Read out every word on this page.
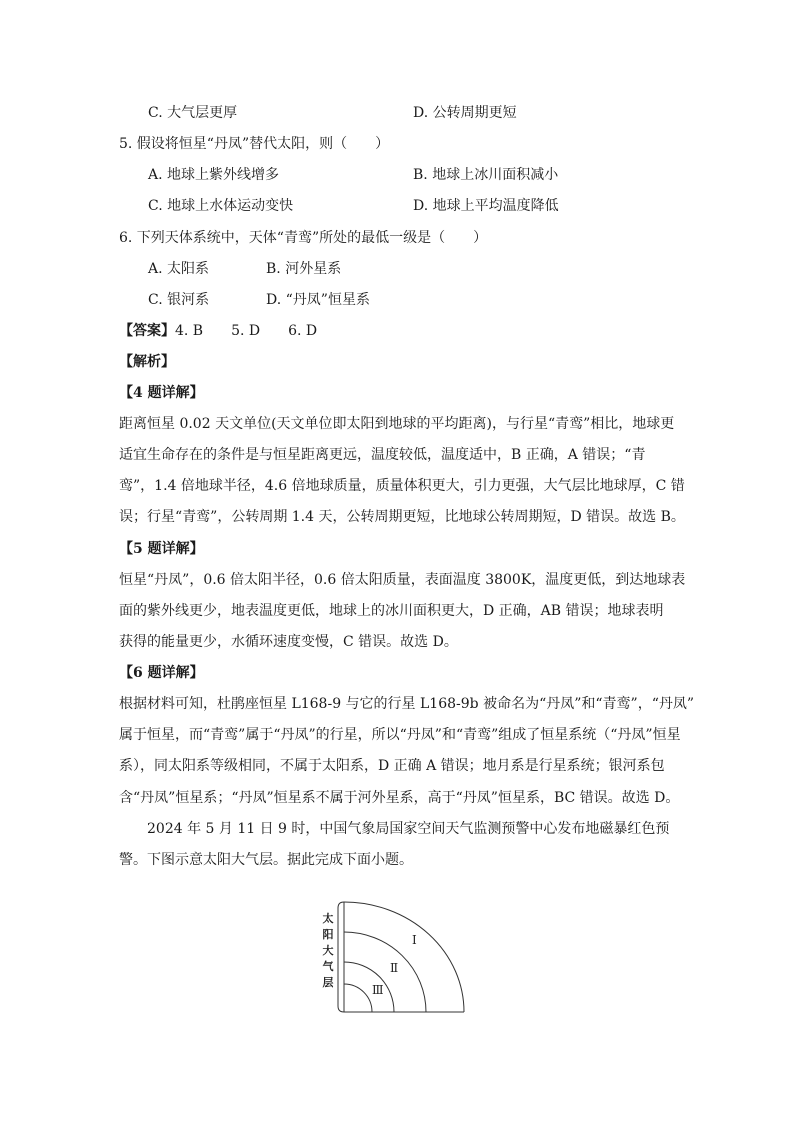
C. 大气层更厚	D. 公转周期更短
5. 假设将恒星“丹凤”替代太阳，则（　　）
A. 地球上紫外线增多	B. 地球上冰川面积减小
C. 地球上水体运动变快	D. 地球上平均温度降低
6. 下列天体系统中，天体“青鸾”所处的最低一级是（　　）
A. 太阳系	B. 河外星系
C. 银河系	D. “丹凤”恒星系
【答案】4. B　　5. D　　6. D
【解析】
【4 题详解】
距离恒星 0.02 天文单位(天文单位即太阳到地球的平均距离)，与行星“青鸾”相比，地球更
适宜生命存在的条件是与恒星距离更远，温度较低，温度适中，B 正确，A 错误；“青
鸾”，1.4 倍地球半径，4.6 倍地球质量，质量体积更大，引力更强，大气层比地球厚，C 错
误；行星“青鸾”，公转周期 1.4 天，公转周期更短，比地球公转周期短，D 错误。故选 B。
【5 题详解】
恒星“丹凤”，0.6 倍太阳半径，0.6 倍太阳质量，表面温度 3800K，温度更低，到达地球表
面的紫外线更少，地表温度更低，地球上的冰川面积更大，D 正确，AB 错误；地球表明
获得的能量更少，水循环速度变慢，C 错误。故选 D。
【6 题详解】
根据材料可知，杜鹃座恒星 L168-9 与它的行星 L168-9b 被命名为“丹凤”和“青鸾”，“丹凤”
属于恒星，而“青鸾”属于“丹凤”的行星，所以“丹凤”和“青鸾”组成了恒星系统（“丹凤”恒星
系），同太阳系等级相同，不属于太阳系，D 正确 A 错误；地月系是行星系统；银河系包
含“丹凤”恒星系；“丹凤”恒星系不属于河外星系，高于“丹凤”恒星系，BC 错误。故选 D。
2024 年 5 月 11 日 9 时，中国气象局国家空间天气监测预警中心发布地磁暴红色预
警。下图示意太阳大气层。据此完成下面小题。
太
阳
大
气
层
Ⅰ
Ⅱ
Ⅲ
